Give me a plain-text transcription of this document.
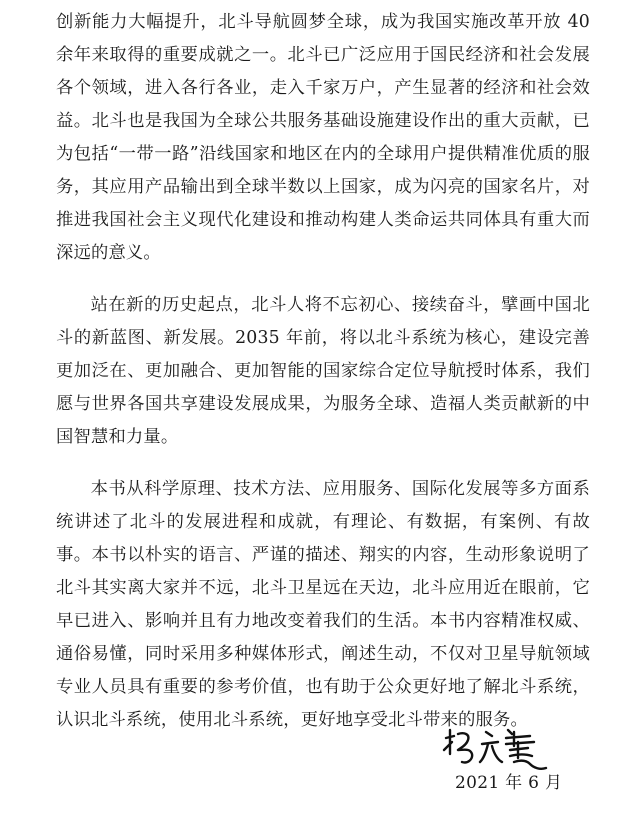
创新能力大幅提升，北斗导航圆梦全球，成为我国实施改革开放 40 余年来取得的重要成就之一。北斗已广泛应用于国民经济和社会发展各个领域，进入各行各业，走入千家万户，产生显著的经济和社会效益。北斗也是我国为全球公共服务基础设施建设作出的重大贡献，已为包括“一带一路”沿线国家和地区在内的全球用户提供精准优质的服务，其应用产品输出到全球半数以上国家，成为闪亮的国家名片，对推进我国社会主义现代化建设和推动构建人类命运共同体具有重大而深远的意义。

站在新的历史起点，北斗人将不忘初心、接续奋斗，擘画中国北斗的新蓝图、新发展。2035 年前，将以北斗系统为核心，建设完善更加泛在、更加融合、更加智能的国家综合定位导航授时体系，我们愿与世界各国共享建设发展成果，为服务全球、造福人类贡献新的中国智慧和力量。

本书从科学原理、技术方法、应用服务、国际化发展等多方面系统讲述了北斗的发展进程和成就，有理论、有数据，有案例、有故事。本书以朴实的语言、严谨的描述、翔实的内容，生动形象说明了北斗其实离大家并不远，北斗卫星远在天边，北斗应用近在眼前，它早已进入、影响并且有力地改变着我们的生活。本书内容精准权威、通俗易懂，同时采用多种媒体形式，阐述生动，不仅对卫星导航领域专业人员具有重要的参考价值，也有助于公众更好地了解北斗系统，认识北斗系统，使用北斗系统，更好地享受北斗带来的服务。

2021 年 6 月
